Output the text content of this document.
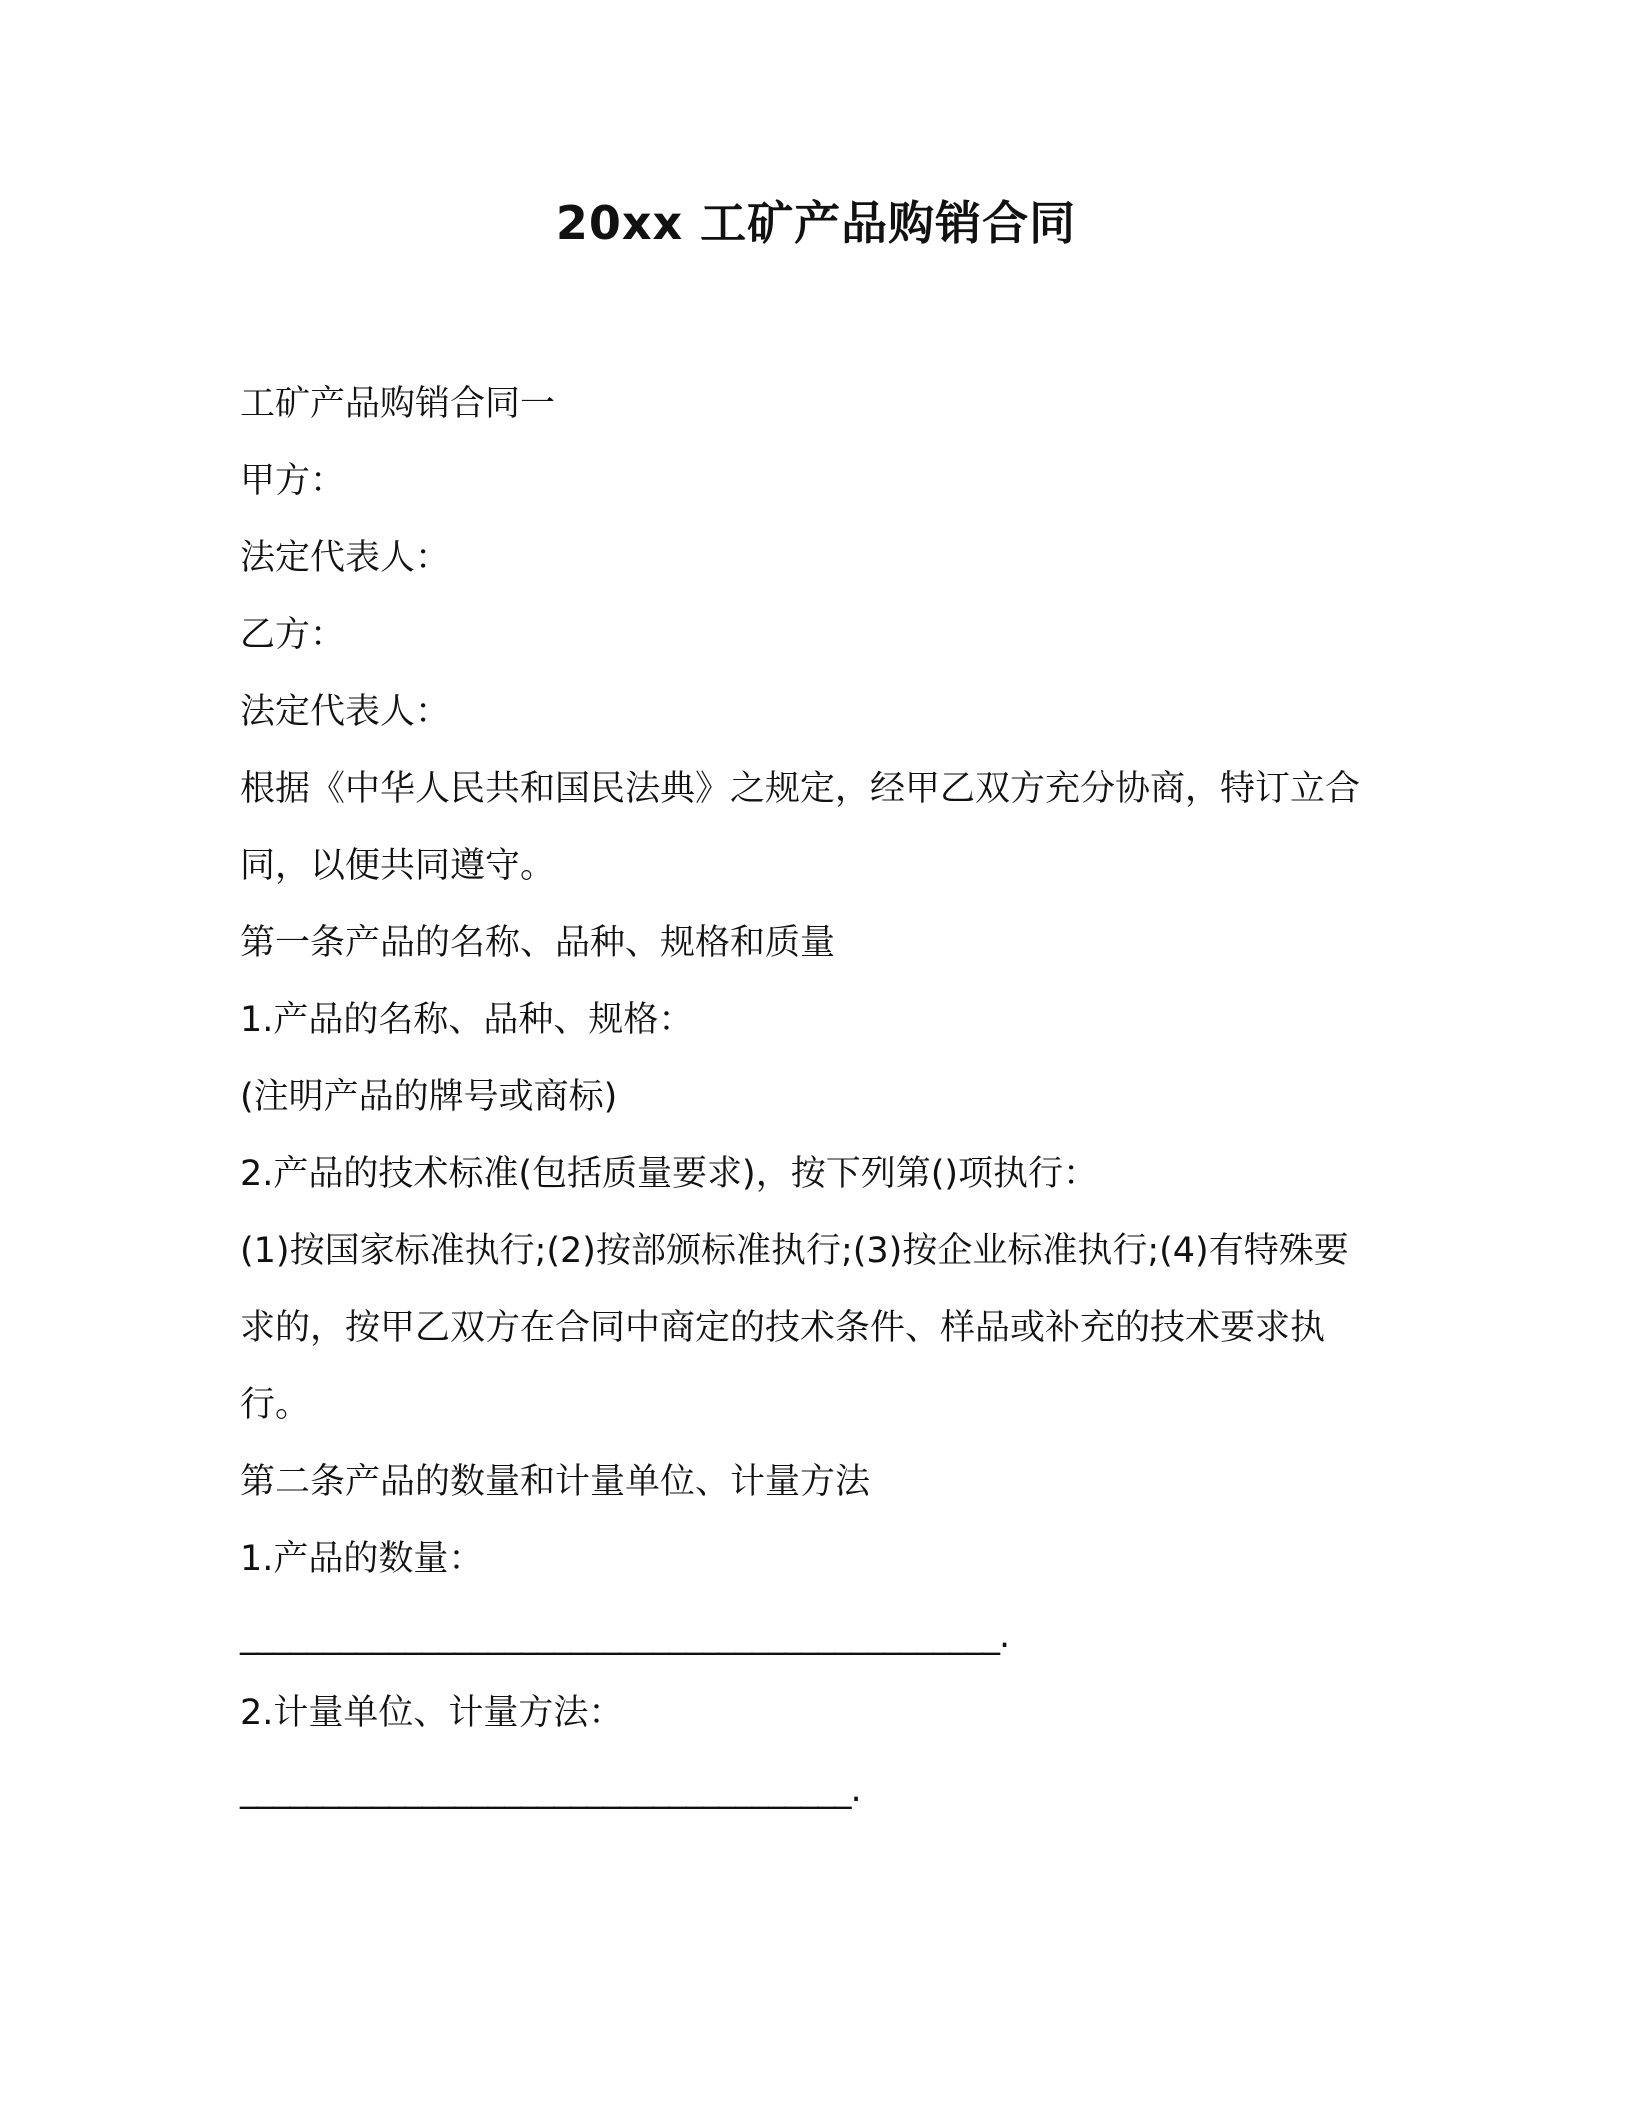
20xx 工矿产品购销合同

工矿产品购销合同一

甲方：

法定代表人：

乙方：

法定代表人：

根据《中华人民共和国民法典》之规定，经甲乙双方充分协商，特订立合同，以便共同遵守。

第一条产品的名称、品种、规格和质量

1.产品的名称、品种、规格：

(注明产品的牌号或商标)

2.产品的技术标准(包括质量要求)，按下列第()项执行：

(1)按国家标准执行;(2)按部颁标准执行;(3)按企业标准执行;(4)有特殊要求的，按甲乙双方在合同中商定的技术条件、样品或补充的技术要求执行。

第二条产品的数量和计量单位、计量方法

1.产品的数量：

______________________________________________.

2.计量单位、计量方法：

_____________________________________.
